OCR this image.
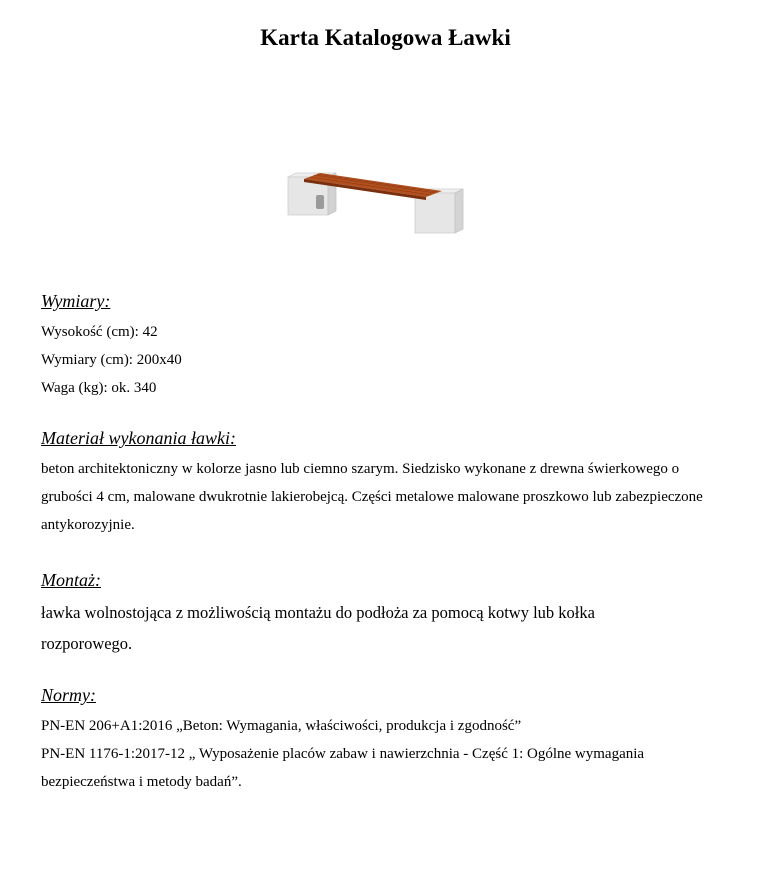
Karta Katalogowa Ławki

Wymiary:

Wysokość (cm): 42

Wymiary (cm): 200x40

Waga (kg): ok. 340

Materiał wykonania ławki:

beton architektoniczny w kolorze jasno lub ciemno szarym. Siedzisko wykonane z drewna świerkowego o grubości 4 cm, malowane dwukrotnie lakierobejcą. Części metalowe malowane proszkowo lub zabezpieczone antykorozyjnie.

Montaż:

ławka wolnostojąca z możliwością montażu do podłoża za pomocą kotwy lub kołka rozporowego.

Normy:

PN-EN 206+A1:2016 „Beton: Wymagania, właściwości, produkcja i zgodność”

PN-EN 1176-1:2017-12 „ Wyposażenie placów zabaw i nawierzchnia - Część 1: Ogólne wymagania bezpieczeństwa i metody badań”.
